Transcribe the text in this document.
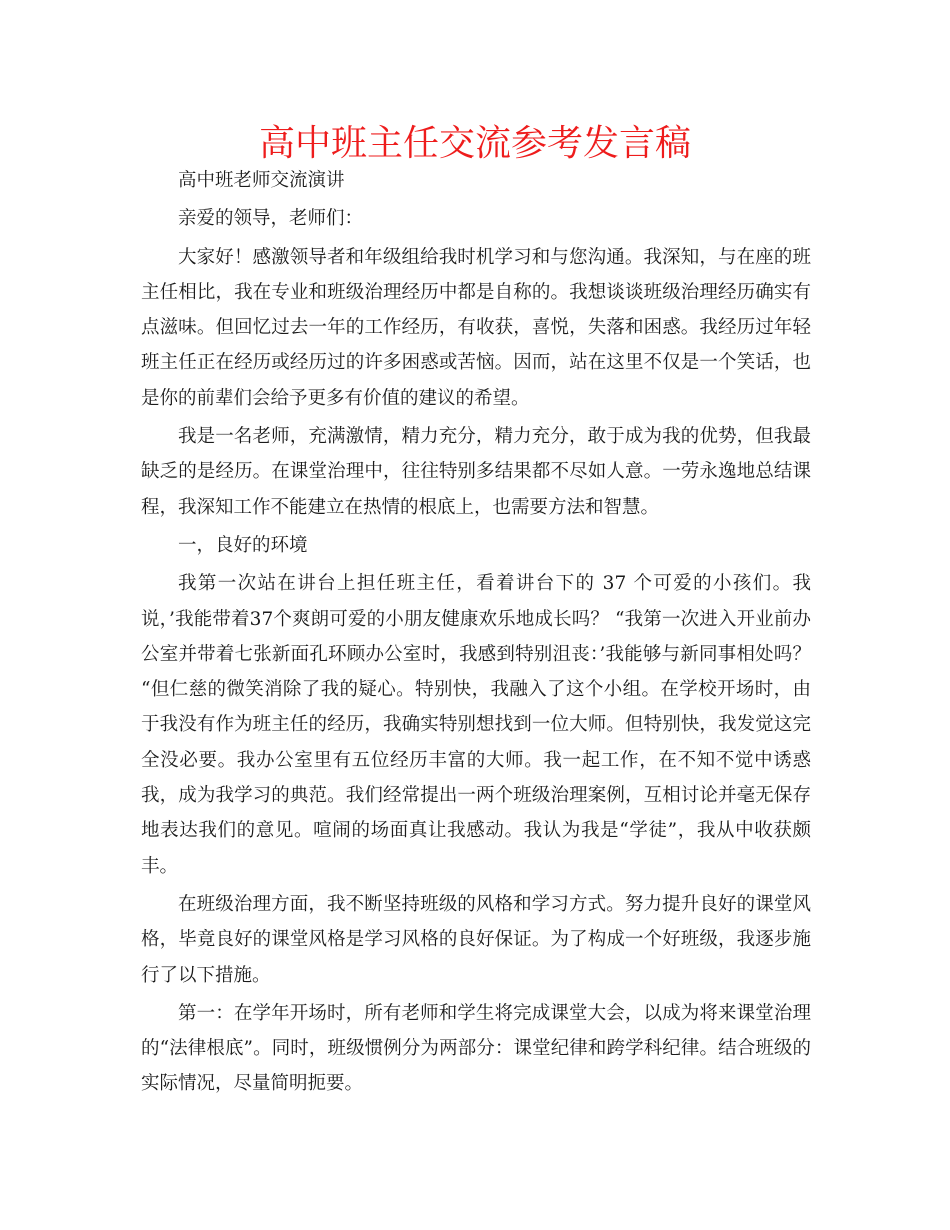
高中班主任交流参考发言稿

高中班老师交流演讲

亲爱的领导，老师们：

大家好！感激领导者和年级组给我时机学习和与您沟通。我深知，与在座的班主任相比，我在专业和班级治理经历中都是自称的。我想谈谈班级治理经历确实有点滋味。但回忆过去一年的工作经历，有收获，喜悦，失落和困惑。我经历过年轻班主任正在经历或经历过的许多困惑或苦恼。因而，站在这里不仅是一个笑话，也是你的前辈们会给予更多有价值的建议的希望。

我是一名老师，充满激情，精力充分，精力充分，敢于成为我的优势，但我最缺乏的是经历。在课堂治理中，往往特别多结果都不尽如人意。一劳永逸地总结课程，我深知工作不能建立在热情的根底上，也需要方法和智慧。

一，良好的环境

我第一次站在讲台上担任班主任，看着讲台下的 37 个可爱的小孩们。我说，’我能带着37个爽朗可爱的小朋友健康欢乐地成长吗？ “我第一次进入开业前办公室并带着七张新面孔环顾办公室时，我感到特别沮丧：’我能够与新同事相处吗？ “但仁慈的微笑消除了我的疑心。特别快，我融入了这个小组。在学校开场时，由于我没有作为班主任的经历，我确实特别想找到一位大师。但特别快，我发觉这完全没必要。我办公室里有五位经历丰富的大师。我一起工作，在不知不觉中诱惑我，成为我学习的典范。我们经常提出一两个班级治理案例，互相讨论并毫无保存地表达我们的意见。喧闹的场面真让我感动。我认为我是“学徒”，我从中收获颇丰。

在班级治理方面，我不断坚持班级的风格和学习方式。努力提升良好的课堂风格，毕竟良好的课堂风格是学习风格的良好保证。为了构成一个好班级，我逐步施行了以下措施。

第一：在学年开场时，所有老师和学生将完成课堂大会，以成为将来课堂治理的“法律根底”。同时，班级惯例分为两部分：课堂纪律和跨学科纪律。结合班级的实际情况，尽量简明扼要。
